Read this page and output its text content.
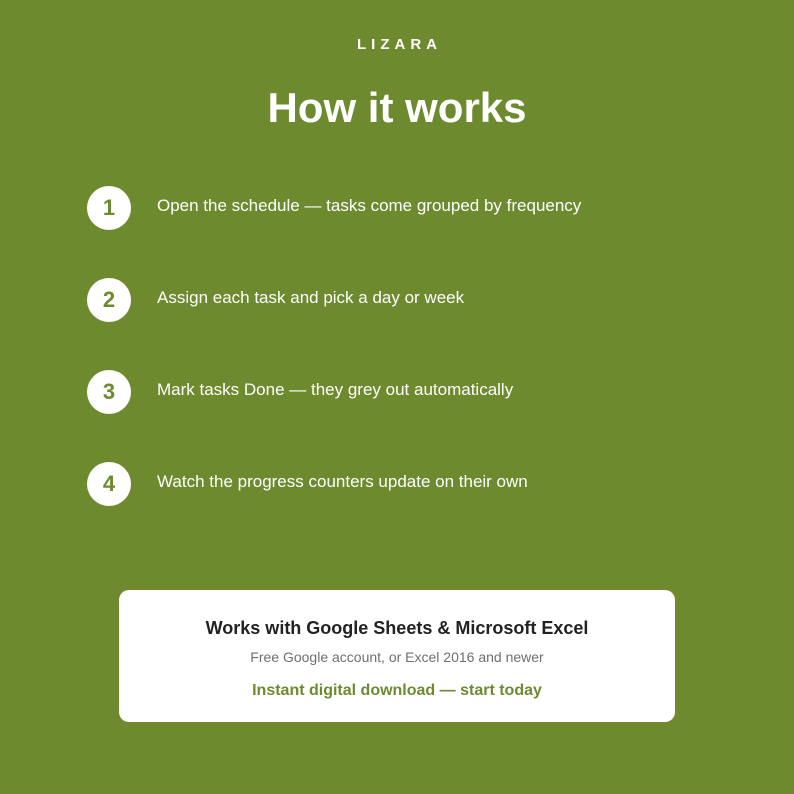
LIZARA
How it works
1	Open the schedule — tasks come grouped by frequency
2	Assign each task and pick a day or week
3	Mark tasks Done — they grey out automatically
4	Watch the progress counters update on their own
Works with Google Sheets & Microsoft Excel
Free Google account, or Excel 2016 and newer
Instant digital download — start today
